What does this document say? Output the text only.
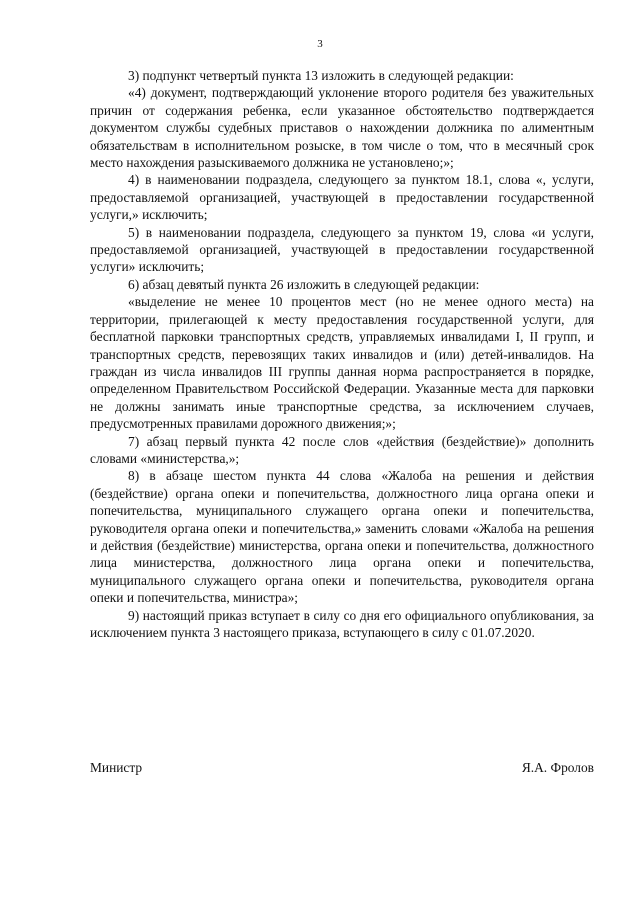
3

3) подпункт четвертый пункта 13 изложить в следующей редакции:

«4) документ, подтверждающий уклонение второго родителя без уважительных причин от содержания ребенка, если указанное обстоятельство подтверждается документом службы судебных приставов о нахождении должника по алиментным обязательствам в исполнительном розыске, в том числе о том, что в месячный срок место нахождения разыскиваемого должника не установлено;»;

4) в наименовании подраздела, следующего за пунктом 18.1, слова «, услуги, предоставляемой организацией, участвующей в предоставлении государственной услуги,» исключить;

5) в наименовании подраздела, следующего за пунктом 19, слова «и услуги, предоставляемой организацией, участвующей в предоставлении государственной услуги» исключить;

6) абзац девятый пункта 26 изложить в следующей редакции:

«выделение не менее 10 процентов мест (но не менее одного места) на территории, прилегающей к месту предоставления государственной услуги, для бесплатной парковки транспортных средств, управляемых инвалидами I, II групп, и транспортных средств, перевозящих таких инвалидов и (или) детей-инвалидов. На граждан из числа инвалидов III группы данная норма распространяется в порядке, определенном Правительством Российской Федерации. Указанные места для парковки не должны занимать иные транспортные средства, за исключением случаев, предусмотренных правилами дорожного движения;»;

7) абзац первый пункта 42 после слов «действия (бездействие)» дополнить словами «министерства,»;

8) в абзаце шестом пункта 44 слова «Жалоба на решения и действия (бездействие) органа опеки и попечительства, должностного лица органа опеки и попечительства, муниципального служащего органа опеки и попечительства, руководителя органа опеки и попечительства,» заменить словами «Жалоба на решения и действия (бездействие) министерства, органа опеки и попечительства, должностного лица министерства, должностного лица органа опеки и попечительства, муниципального служащего органа опеки и попечительства, руководителя органа опеки и попечительства, министра»;

9) настоящий приказ вступает в силу со дня его официального опубликования, за исключением пункта 3 настоящего приказа, вступающего в силу с 01.07.2020.

Министр	Я.А. Фролов
